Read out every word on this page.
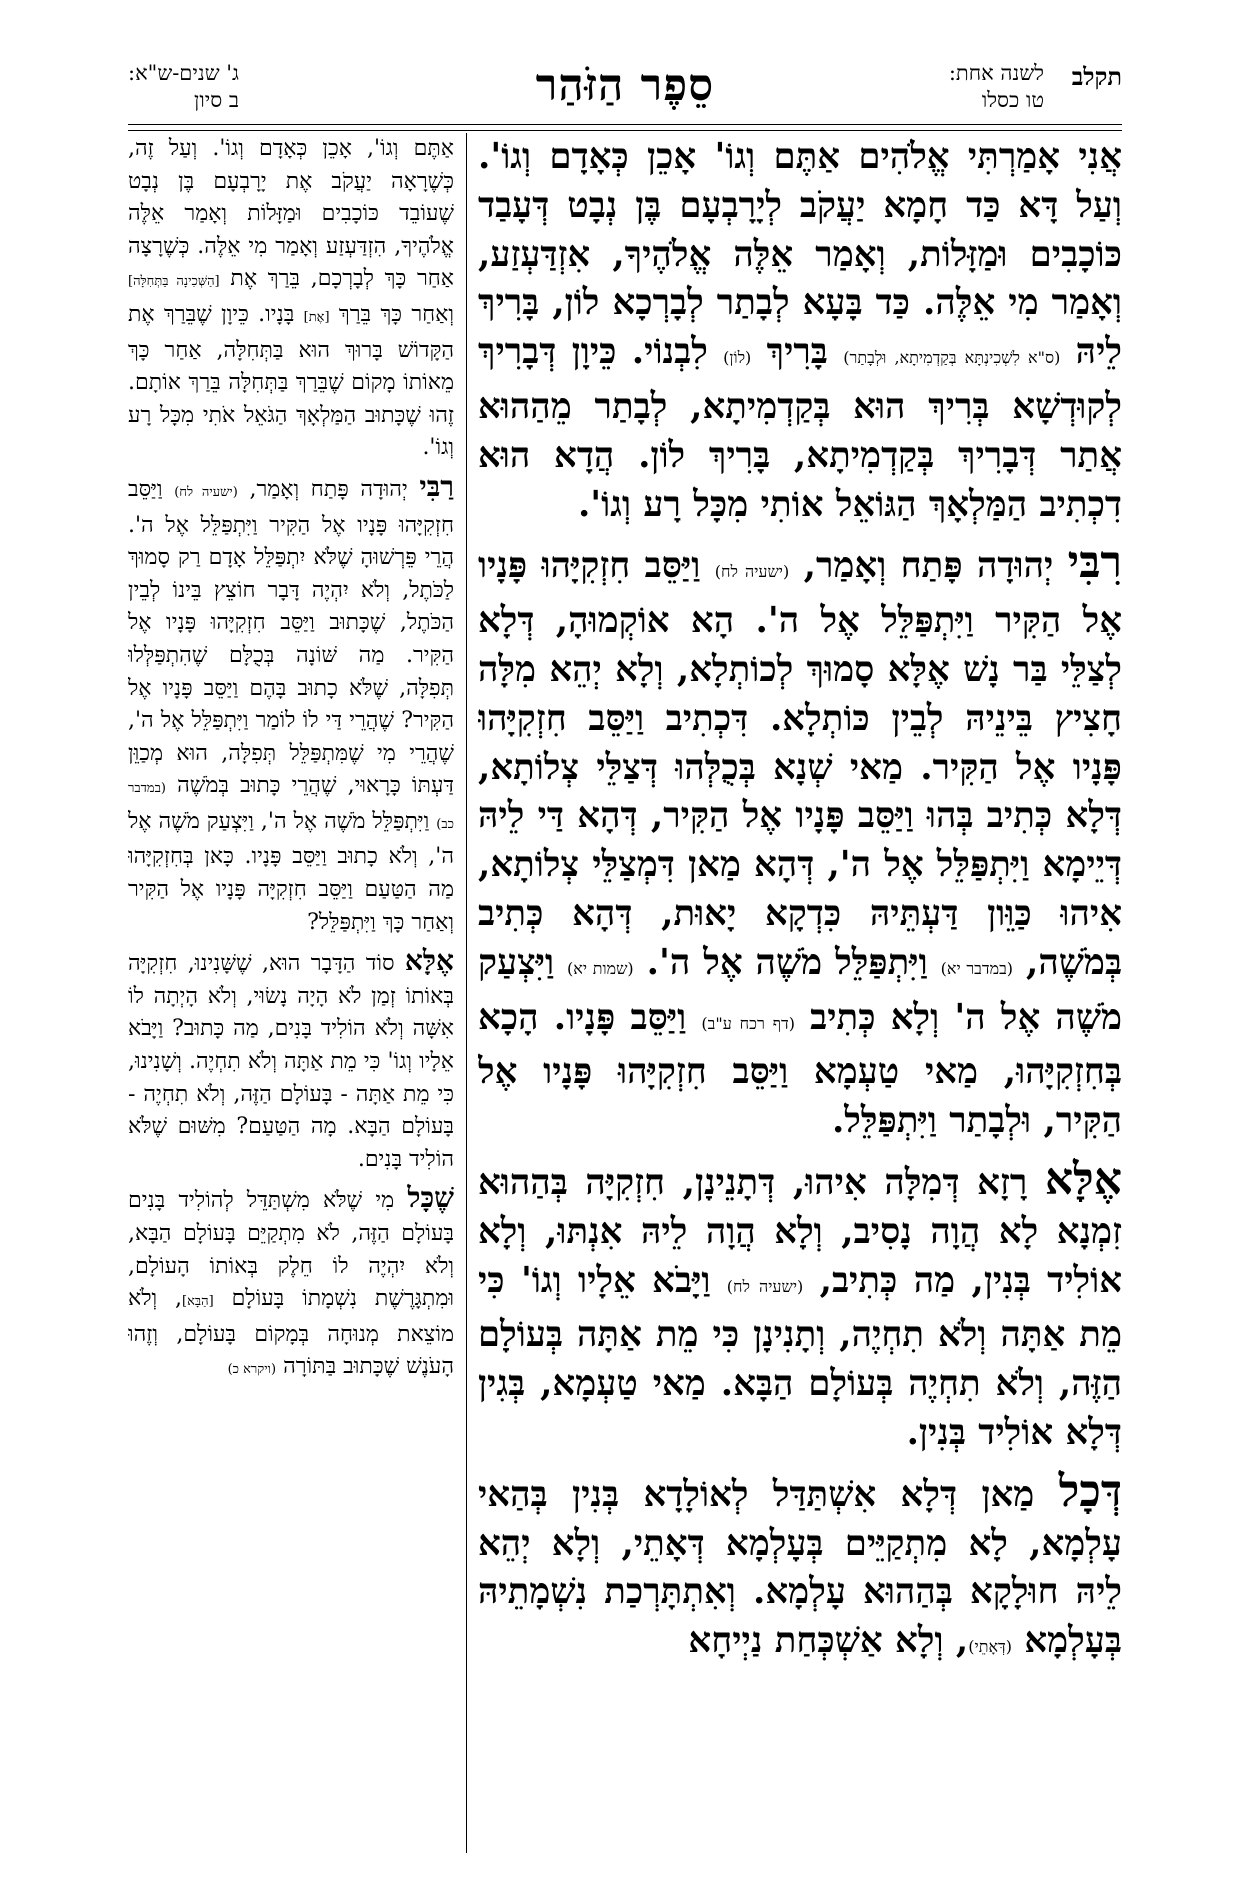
תקלב
לשנה אחת:
טו כסלו
סֵפֶר הַזֹּהַר
ג' שנים-ש"א:
ב סיון

אֲנִי אָמַרְתִּי אֱלֹהִים אַתֶּם וְגוֹ' אָכֵן כְּאָדָם וְגוֹ'. וְעַל דָּא כַּד חָמָא יַעֲקֹב לְיָרָבְעָם בֶּן נְבָט דְּעָבַד כּוֹכָבִים וּמַזָּלוֹת, וְאָמַר אֵלֶּה אֱלֹהֶיךָ, אִזְדַּעְזַע, וְאָמַר מִי אֵלֶּה. כַּד בָּעָא לְבָתַר לְבָרְכָא לוֹן, בָּרִיךְ לֵיהּ (ס"א לִשְׁכִינְתָּא בְּקַדְמִיתָא, וּלְבָתַר) בָּרִיךְ (לוֹן) לִבְנוֹי. כֵּיוָן דְּבָרִיךְ לְקוּדְשָׁא בְּרִיךְ הוּא בְּקַדְמִיתָא, לְבָתַר מֵהַהוּא אֲתַר דְּבָרִיךְ בְּקַדְמִיתָא, בָּרִיךְ לוֹן. הֲדָא הוּא דִכְתִיב הַמַּלְאָךְ הַגּוֹאֵל אוֹתִי מִכָּל רָע וְגוֹ'.

רִבִּי יְהוּדָה פָּתַח וְאָמַר, (ישעיה לח) וַיַּסֵּב חִזְקִיָּהוּ פָּנָיו אֶל הַקִּיר וַיִּתְפַּלֵּל אֶל ה'. הָא אוֹקְמוּהָ, דְּלָא לְצַלֵּי בַּר נָשׁ אֶלָּא סָמוּךְ לְכוֹתְלָא, וְלָא יְהֵא מִלָּה חָצִיץ בֵּינֵיהּ לְבֵין כּוֹתְלָא. דִּכְתִיב וַיַּסֵּב חִזְקִיָּהוּ פָּנָיו אֶל הַקִּיר. מַאי שְׁנָא בְּכֻלְּהוּ דְּצַלֵּי צְלוֹתָא, דְּלָא כְּתִיב בְּהוּ וַיַּסֵּב פָּנָיו אֶל הַקִּיר, דְּהָא דַּי לֵיהּ דְּיֵימָא וַיִּתְפַּלֵּל אֶל ה', דְּהָא מַאן דִּמְצַלֵּי צְלוֹתָא, אִיהוּ כַּוֵּון דַּעְתֵּיהּ כִּדְקָא יָאוּת, דְּהָא כְּתִיב בְּמֹשֶׁה, (במדבר יא) וַיִּתְפַּלֵּל מֹשֶׁה אֶל ה'. (שמות יא) וַיִּצְעַק מֹשֶׁה אֶל ה' וְלָא כְּתִיב (דף רכח ע"ב) וַיַּסֵּב פָּנָיו. הָכָא בְּחִזְקִיָּהוּ, מַאי טַעְמָא וַיַּסֵּב חִזְקִיָּהוּ פָּנָיו אֶל הַקִּיר, וּלְבָתַר וַיִּתְפַּלֵּל.

אֶלָּא רָזָא דְּמִלָּה אִיהוּ, דְּתָנֵינָן, חִזְקִיָּה בְּהַהוּא זִמְנָא לָא הֲוָה נָסִיב, וְלָא הֲוָה לֵיהּ אִנְתּוּ, וְלָא אוֹלִיד בְּנִין, מַה כְּתִיב, (ישעיה לח) וַיָּבֹא אֵלָיו וְגוֹ' כִּי מֵת אַתָּה וְלֹא תִחְיֶה, וְתָנִינָן כִּי מֵת אַתָּה בְּעוֹלָם הַזֶּה, וְלֹא תִחְיֶה בְּעוֹלָם הַבָּא. מַאי טַעְמָא, בְּגִין דְּלָא אוֹלִיד בְּנִין.

דְּכָל מַאן דְּלָא אִשְׁתַּדַּל לְאוֹלָדָא בְּנִין בְּהַאי עָלְמָא, לָא מִתְקַיֵּים בְּעָלְמָא דְּאָתֵי, וְלָא יְהֵא לֵיהּ חוּלָקָא בְּהַהוּא עָלְמָא. וְאִתְתָּרְכַת נִשְׁמָתֵיהּ בְּעָלְמָא (דְּאָתֵי), וְלָא אַשְׁכְּחַת נַיְיחָא

אַתֶּם וְגוֹ', אָכֵן כְּאָדָם וְגוֹ'. וְעַל זֶה, כְּשֶׁרָאָה יַעֲקֹב אֶת יָרָבְעָם בֶּן נְבָט שֶׁעוֹבֵד כּוֹכָבִים וּמַזָּלוֹת וְאָמַר אֵלֶּה אֱלֹהֶיךָ, הִזְדַּעְזַע וְאָמַר מִי אֵלֶּה. כְּשֶׁרָצָה אַחַר כָּךְ לְבָרְכָם, בֵּרַךְ אֶת [הַשְּׁכִינָה בַּתְּחִלָּה] וְאַחַר כָּךְ בֵּרַךְ [אֶת] בָּנָיו. כֵּיוָן שֶׁבֵּרַךְ אֶת הַקָּדוֹשׁ בָּרוּךְ הוּא בַּתְּחִלָּה, אַחַר כָּךְ מֵאוֹתוֹ מָקוֹם שֶׁבֵּרַךְ בַּתְּחִלָּה בֵּרַךְ אוֹתָם. זֶהוּ שֶׁכָּתוּב הַמַּלְאָךְ הַגֹּאֵל אֹתִי מִכָּל רָע וְגוֹ'.

רַבִּי יְהוּדָה פָּתַח וְאָמַר, (ישעיה לח) וַיַּסֵּב חִזְקִיָּהוּ פָּנָיו אֶל הַקִּיר וַיִּתְפַּלֵּל אֶל ה'. הֲרֵי פֵּרְשׁוּהָ שֶׁלֹּא יִתְפַּלֵּל אָדָם רַק סָמוּךְ לַכֹּתֶל, וְלֹא יִהְיֶה דָּבָר חוֹצֵץ בֵּינוֹ לְבֵין הַכֹּתֶל, שֶׁכָּתוּב וַיַּסֵּב חִזְקִיָּהוּ פָּנָיו אֶל הַקִּיר. מַה שּׁוֹנָה בְּכֻלָּם שֶׁהִתְפַּלְּלוּ תְּפִלָּה, שֶׁלֹּא כָתוּב בָּהֶם וַיַּסֵּב פָּנָיו אֶל הַקִּיר? שֶׁהֲרֵי דַּי לוֹ לוֹמַר וַיִּתְפַּלֵּל אֶל ה', שֶׁהֲרֵי מִי שֶׁמִּתְפַּלֵּל תְּפִלָּה, הוּא מְכַוֵּן דַּעְתּוֹ כָּרָאוּי, שֶׁהֲרֵי כָּתוּב בְּמֹשֶׁה (במדבר כב) וַיִּתְפַּלֵּל מֹשֶׁה אֶל ה', וַיִּצְעַק מֹשֶׁה אֶל ה', וְלֹא כָתוּב וַיַּסֵּב פָּנָיו. כָּאן בְּחִזְקִיָּהוּ מַה הַטַּעַם וַיַּסֵּב חִזְקִיָּה פָּנָיו אֶל הַקִּיר וְאַחַר כָּךְ וַיִּתְפַּלֵּל?

אֶלָּא סוֹד הַדָּבָר הוּא, שֶׁשָּׁנִינוּ, חִזְקִיָּה בְּאוֹתוֹ זְמַן לֹא הָיָה נָשׂוּי, וְלֹא הָיְתָה לוֹ אִשָּׁה וְלֹא הוֹלִיד בָּנִים, מַה כָּתוּב? וַיָּבֹא אֵלָיו וְגוֹ' כִּי מֵת אַתָּה וְלֹא תִחְיֶה. וְשָׁנִינוּ, כִּי מֵת אַתָּה - בָּעוֹלָם הַזֶּה, וְלֹא תִחְיֶה - בָּעוֹלָם הַבָּא. מָה הַטַּעַם? מִשּׁוּם שֶׁלֹּא הוֹלִיד בָּנִים.

שֶׁכָּל מִי שֶׁלֹּא מִשְׁתַּדֵּל לְהוֹלִיד בָּנִים בָּעוֹלָם הַזֶּה, לֹא מִתְקַיֵּם בָּעוֹלָם הַבָּא, וְלֹא יִהְיֶה לוֹ חֵלֶק בְּאוֹתוֹ הָעוֹלָם, וּמִתְגָּרֶשֶׁת נִשְׁמָתוֹ בָּעוֹלָם [הַבָּא], וְלֹא מוֹצֵאת מְנוּחָה בְּמָקוֹם בָּעוֹלָם, וְזֶהוּ הָעֹנֶשׁ שֶׁכָּתוּב בַּתּוֹרָה (ויקרא כ)
